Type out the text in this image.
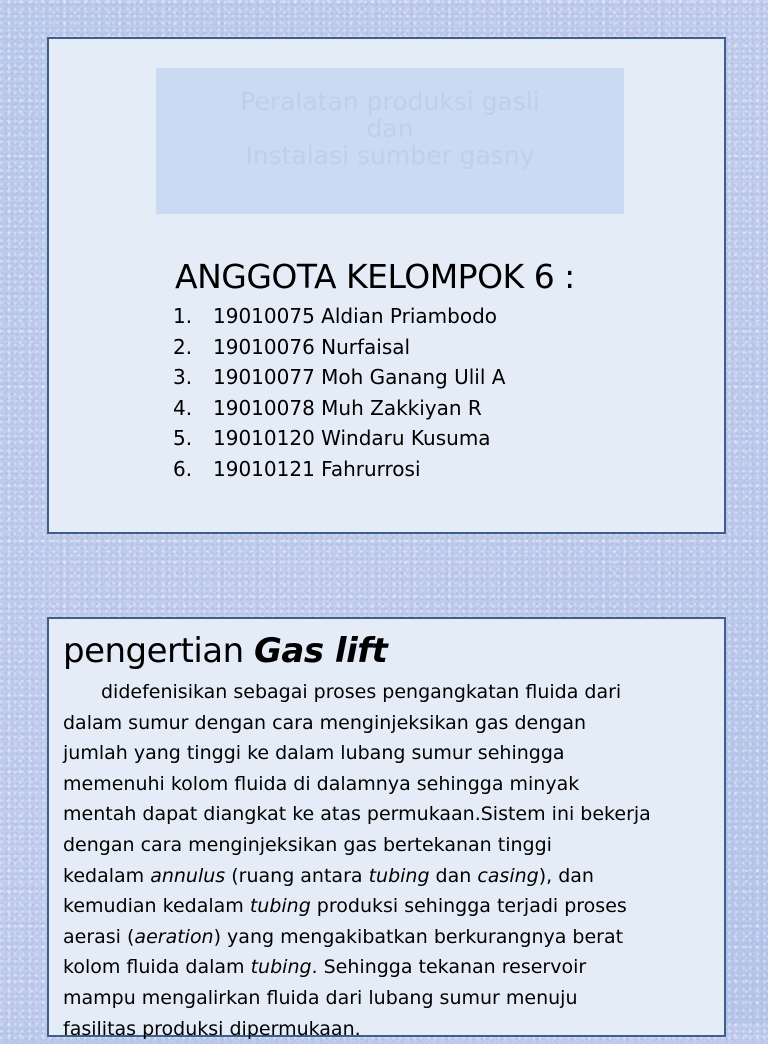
Peralatan produksi gasli
dan
Instalasi sumber gasny
ANGGOTA KELOMPOK 6 :
1. 19010075 Aldian Priambodo
2. 19010076 Nurfaisal
3. 19010077 Moh Ganang Ulil A
4. 19010078 Muh Zakkiyan R
5. 19010120 Windaru Kusuma
6. 19010121 Fahrurrosi
pengertian Gas lift
didefenisikan sebagai proses pengangkatan fluida dari
dalam sumur dengan cara menginjeksikan gas dengan
jumlah yang tinggi ke dalam lubang sumur sehingga
memenuhi kolom fluida di dalamnya sehingga minyak
mentah dapat diangkat ke atas permukaan.Sistem ini bekerja
dengan cara menginjeksikan gas bertekanan tinggi
kedalam annulus (ruang antara tubing dan casing), dan
kemudian kedalam tubing produksi sehingga terjadi proses
aerasi (aeration) yang mengakibatkan berkurangnya berat
kolom fluida dalam tubing. Sehingga tekanan reservoir
mampu mengalirkan fluida dari lubang sumur menuju
fasilitas produksi dipermukaan.
